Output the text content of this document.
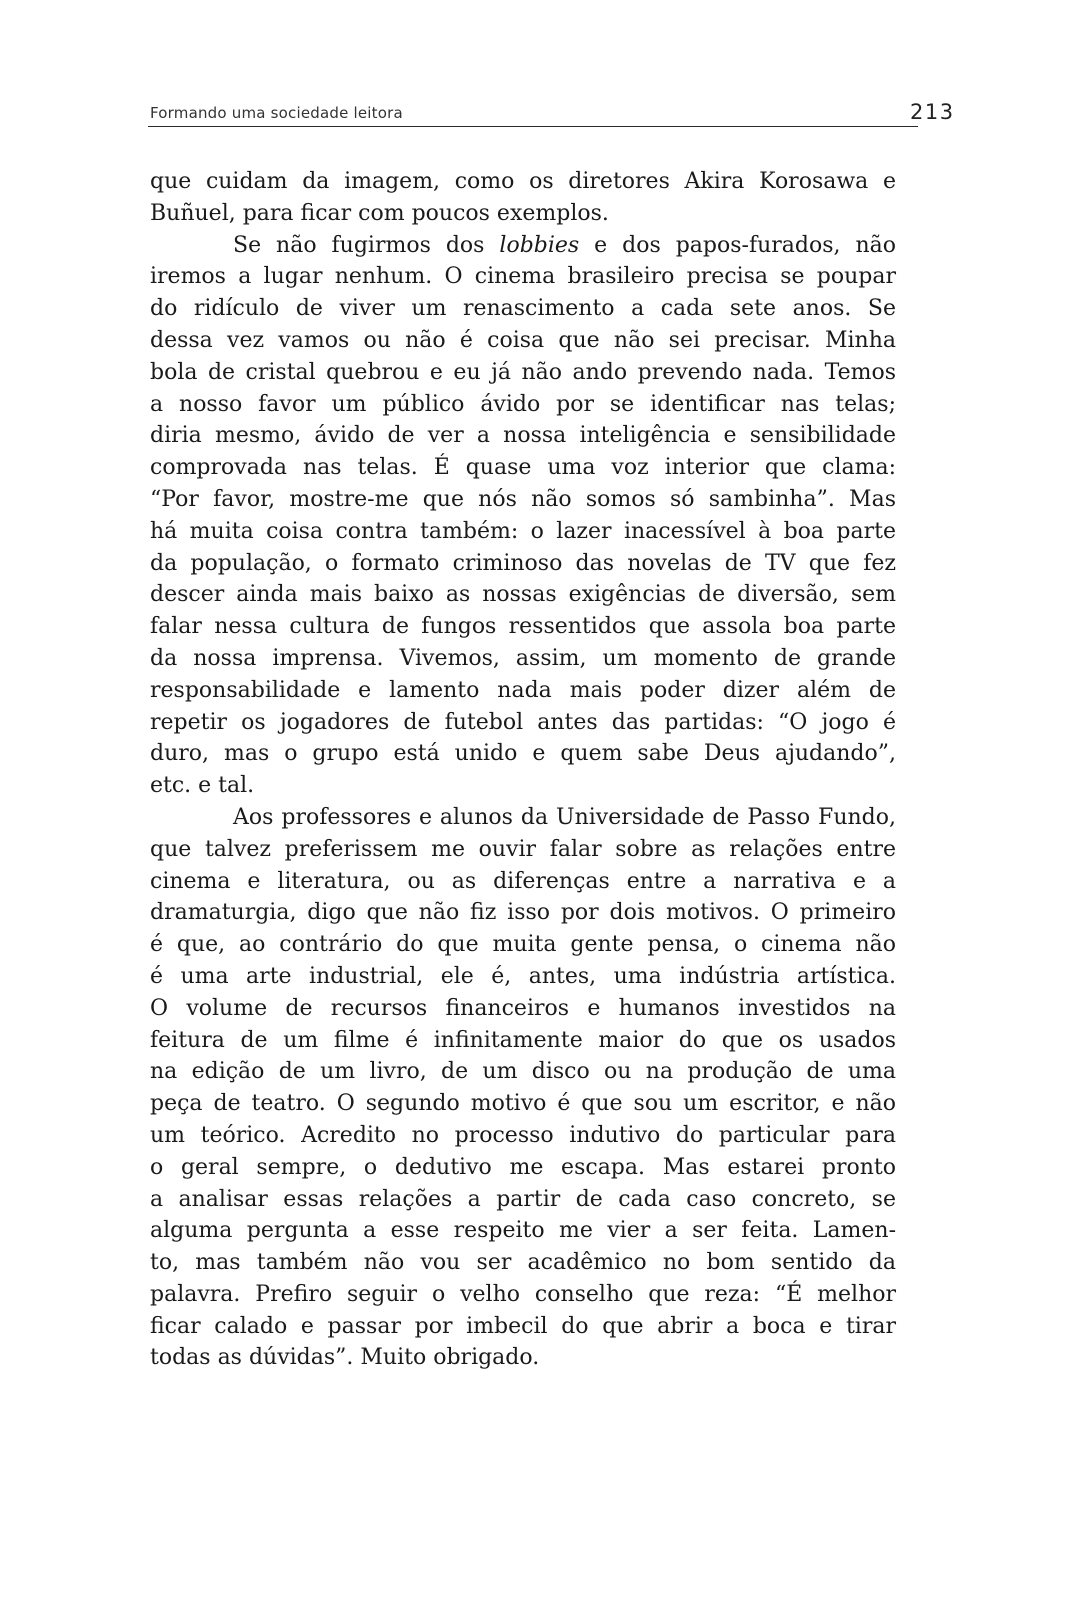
Formando uma sociedade leitora	213

que cuidam da imagem, como os diretores Akira Korosawa e
Buñuel, para ficar com poucos exemplos.

Se não fugirmos dos lobbies e dos papos-furados, não
iremos a lugar nenhum. O cinema brasileiro precisa se poupar
do ridículo de viver um renascimento a cada sete anos. Se
dessa vez vamos ou não é coisa que não sei precisar. Minha
bola de cristal quebrou e eu já não ando prevendo nada. Temos
a nosso favor um público ávido por se identificar nas telas;
diria mesmo, ávido de ver a nossa inteligência e sensibilidade
comprovada nas telas. É quase uma voz interior que clama:
“Por favor, mostre-me que nós não somos só sambinha”. Mas
há muita coisa contra também: o lazer inacessível à boa parte
da população, o formato criminoso das novelas de TV que fez
descer ainda mais baixo as nossas exigências de diversão, sem
falar nessa cultura de fungos ressentidos que assola boa parte
da nossa imprensa. Vivemos, assim, um momento de grande
responsabilidade e lamento nada mais poder dizer além de
repetir os jogadores de futebol antes das partidas: “O jogo é
duro, mas o grupo está unido e quem sabe Deus ajudando”,
etc. e tal.

Aos professores e alunos da Universidade de Passo Fundo,
que talvez preferissem me ouvir falar sobre as relações entre
cinema e literatura, ou as diferenças entre a narrativa e a
dramaturgia, digo que não fiz isso por dois motivos. O primeiro
é que, ao contrário do que muita gente pensa, o cinema não
é uma arte industrial, ele é, antes, uma indústria artística.
O volume de recursos financeiros e humanos investidos na
feitura de um filme é infinitamente maior do que os usados
na edição de um livro, de um disco ou na produção de uma
peça de teatro. O segundo motivo é que sou um escritor, e não
um teórico. Acredito no processo indutivo do particular para
o geral sempre, o dedutivo me escapa. Mas estarei pronto
a analisar essas relações a partir de cada caso concreto, se
alguma pergunta a esse respeito me vier a ser feita. Lamen-
to, mas também não vou ser acadêmico no bom sentido da
palavra. Prefiro seguir o velho conselho que reza: “É melhor
ficar calado e passar por imbecil do que abrir a boca e tirar
todas as dúvidas”. Muito obrigado.
